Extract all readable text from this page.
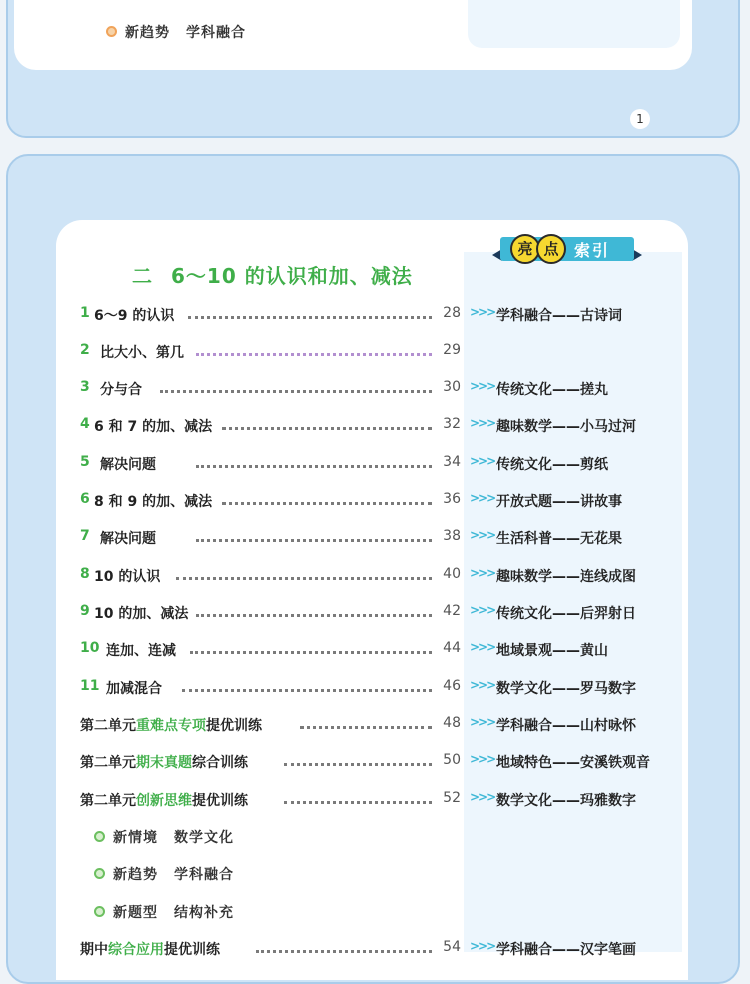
新趋势 学科融合
1
二 6～10 的认识和加、减法
亮 点 索引
1 6～9 的认识	28 >>> 学科融合——古诗词
2 比大小、第几	29
3 分与合	30 >>> 传统文化——搓丸
4 6 和 7 的加、减法	32 >>> 趣味数学——小马过河
5 解决问题	34 >>> 传统文化——剪纸
6 8 和 9 的加、减法	36 >>> 开放式题——讲故事
7 解决问题	38 >>> 生活科普——无花果
8 10 的认识	40 >>> 趣味数学——连线成图
9 10 的加、减法	42 >>> 传统文化——后羿射日
10 连加、连减	44 >>> 地域景观——黄山
11 加减混合	46 >>> 数学文化——罗马数字
第二单元重难点专项提优训练	48 >>> 学科融合——山村咏怀
第二单元期末真题综合训练	50 >>> 地域特色——安溪铁观音
第二单元创新思维提优训练	52 >>> 数学文化——玛雅数字
新情境 数学文化
新趋势 学科融合
新题型 结构补充
期中综合应用提优训练	54 >>> 学科融合——汉字笔画
